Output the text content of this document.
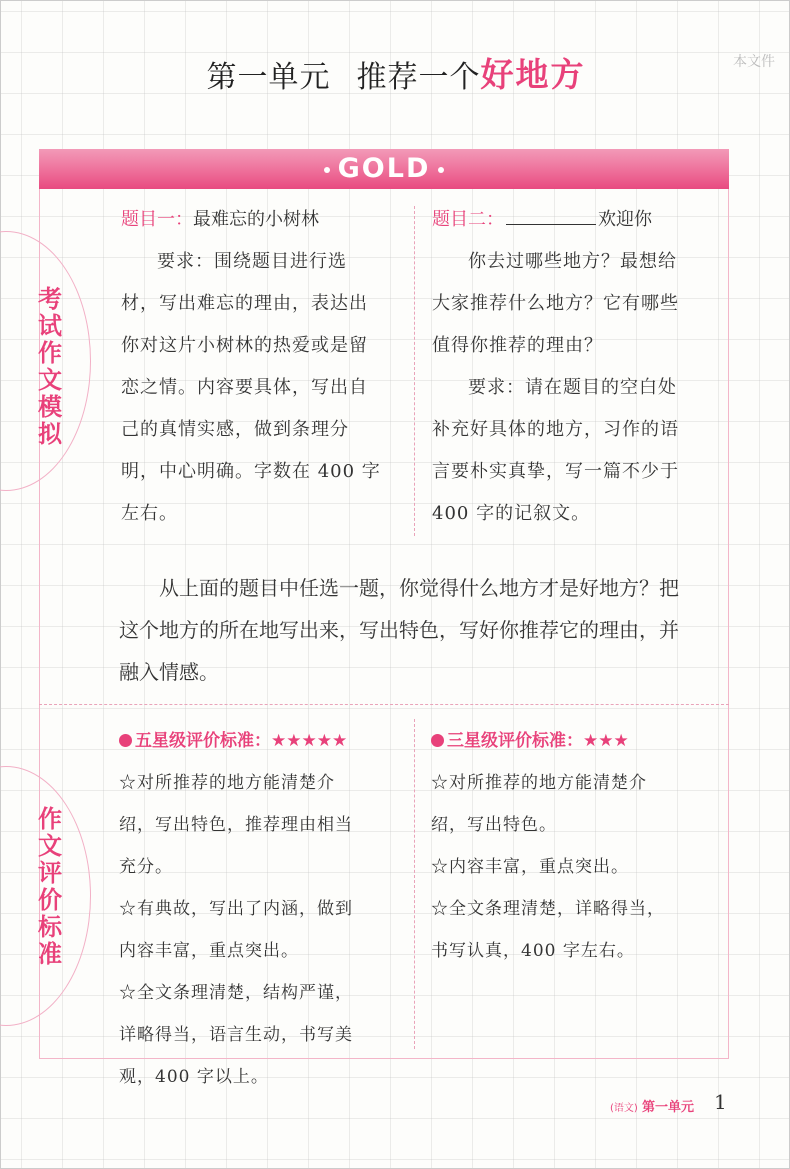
第一单元 推荐一个好地方	本文件
GOLD
考试作文模拟
作文评价标准
题目一：最难忘的小树林
要求：围绕题目进行选
材，写出难忘的理由，表达出
你对这片小树林的热爱或是留
恋之情。内容要具体，写出自
己的真情实感，做到条理分
明，中心明确。字数在 400 字
左右。
题目二：	欢迎你
你去过哪些地方？最想给
大家推荐什么地方？它有哪些
值得你推荐的理由？
要求：请在题目的空白处
补充好具体的地方，习作的语
言要朴实真挚，写一篇不少于
400 字的记叙文。
从上面的题目中任选一题，你觉得什么地方才是好地方？把
这个地方的所在地写出来，写出特色，写好你推荐它的理由，并
融入情感。
五星级评价标准：★★★★★
☆对所推荐的地方能清楚介
绍，写出特色，推荐理由相当
充分。
☆有典故，写出了内涵，做到
内容丰富，重点突出。
☆全文条理清楚，结构严谨，
详略得当，语言生动，书写美
观，400 字以上。
三星级评价标准：★★★
☆对所推荐的地方能清楚介
绍，写出特色。
☆内容丰富，重点突出。
☆全文条理清楚，详略得当，
书写认真，400 字左右。
(语文) 第一单元 1
